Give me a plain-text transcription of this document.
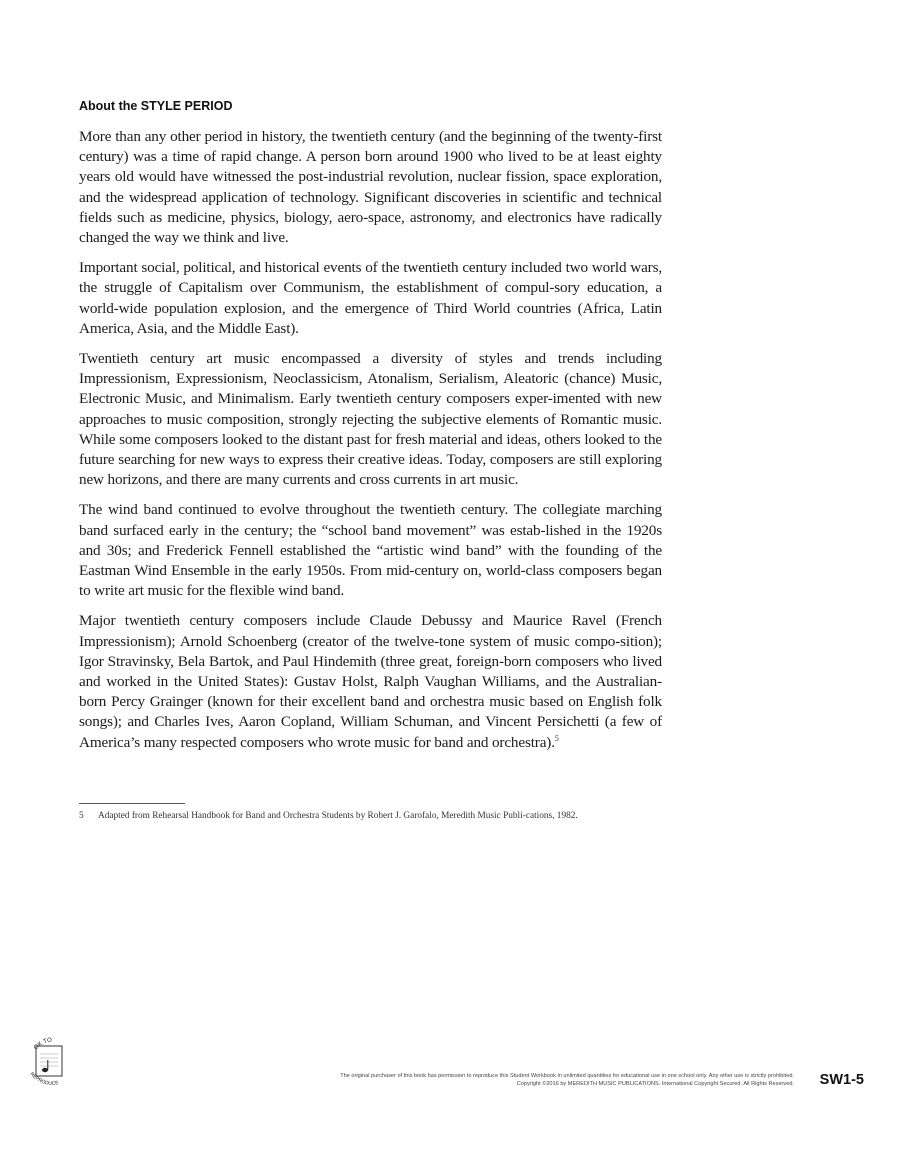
About the STYLE PERIOD

More than any other period in history, the twentieth century (and the beginning of the twenty-first century) was a time of rapid change. A person born around 1900 who lived to be at least eighty years old would have witnessed the post-industrial revolution, nuclear fission, space exploration, and the widespread application of technology. Significant discoveries in scientific and technical fields such as medicine, physics, biology, aero-space, astronomy, and electronics have radically changed the way we think and live.

Important social, political, and historical events of the twentieth century included two world wars, the struggle of Capitalism over Communism, the establishment of compul-sory education, a world-wide population explosion, and the emergence of Third World countries (Africa, Latin America, Asia, and the Middle East).

Twentieth century art music encompassed a diversity of styles and trends including Impressionism, Expressionism, Neoclassicism, Atonalism, Serialism, Aleatoric (chance) Music, Electronic Music, and Minimalism. Early twentieth century composers exper-imented with new approaches to music composition, strongly rejecting the subjective elements of Romantic music. While some composers looked to the distant past for fresh material and ideas, others looked to the future searching for new ways to express their creative ideas. Today, composers are still exploring new horizons, and there are many currents and cross currents in art music.

The wind band continued to evolve throughout the twentieth century. The collegiate marching band surfaced early in the century; the “school band movement” was estab-lished in the 1920s and 30s; and Frederick Fennell established the “artistic wind band” with the founding of the Eastman Wind Ensemble in the early 1950s. From mid-century on, world-class composers began to write art music for the flexible wind band.

Major twentieth century composers include Claude Debussy and Maurice Ravel (French Impressionism); Arnold Schoenberg (creator of the twelve-tone system of music compo-sition); Igor Stravinsky, Bela Bartok, and Paul Hindemith (three great, foreign-born composers who lived and worked in the United States): Gustav Holst, Ralph Vaughan Williams, and the Australian-born Percy Grainger (known for their excellent band and orchestra music based on English folk songs); and Charles Ives, Aaron Copland, William Schuman, and Vincent Persichetti (a few of America’s many respected composers who wrote music for band and orchestra).$^5$

5 Adapted from Rehearsal Handbook for Band and Orchestra Students by Robert J. Garofalo, Meredith Music Publi-cations, 1982.
OK TO
REPRODUCE
The original purchaser of this book has permission to reproduce this Student Workbook in unlimited quantities for educational use in one school only. Any other use is strictly prohibited.
Copyright ©2016 by MEREDITH MUSIC PUBLICATIONS. International Copyright Secured. All Rights Reserved. SW1-5
